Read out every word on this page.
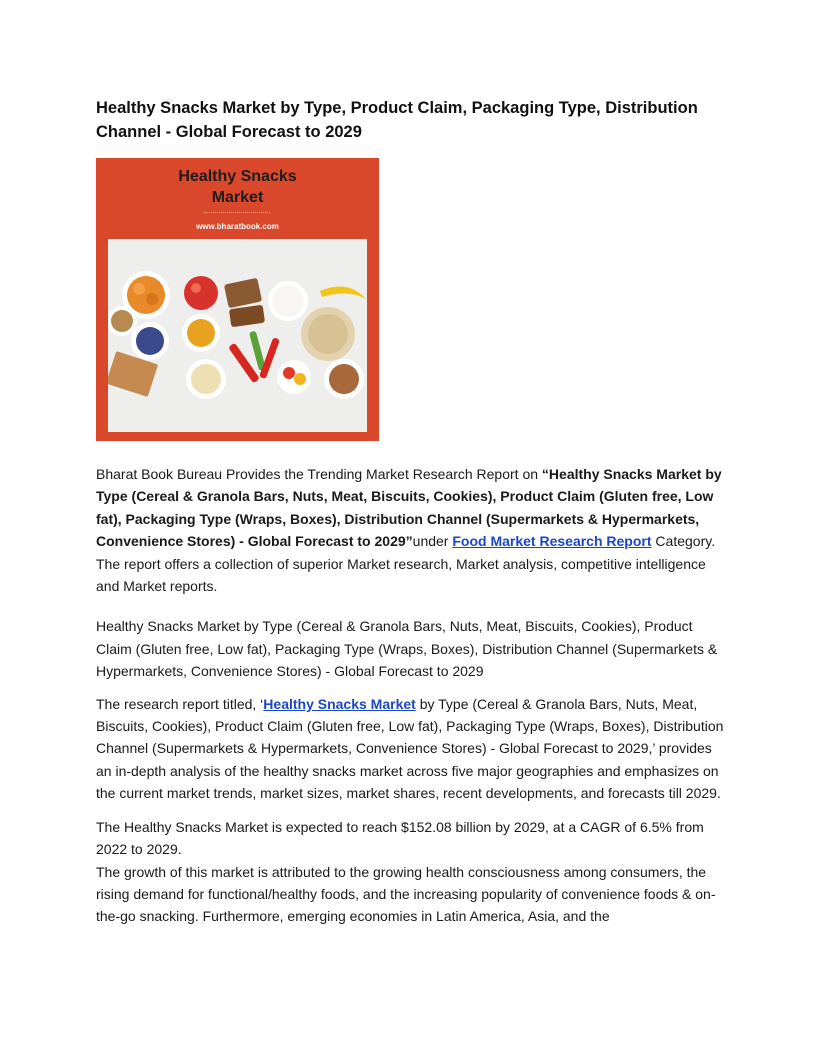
Healthy Snacks Market by Type, Product Claim, Packaging Type, Distribution Channel - Global Forecast to 2029
Healthy Snacks
Market
www.bharatbook.com

Bharat Book Bureau Provides the Trending Market Research Report on “Healthy Snacks Market by Type (Cereal & Granola Bars, Nuts, Meat, Biscuits, Cookies), Product Claim (Gluten free, Low fat), Packaging Type (Wraps, Boxes), Distribution Channel (Supermarkets & Hypermarkets, Convenience Stores) - Global Forecast to 2029”under Food Market Research Report Category. The report offers a collection of superior Market research, Market analysis, competitive intelligence and Market reports.

Healthy Snacks Market by Type (Cereal & Granola Bars, Nuts, Meat, Biscuits, Cookies), Product Claim (Gluten free, Low fat), Packaging Type (Wraps, Boxes), Distribution Channel (Supermarkets & Hypermarkets, Convenience Stores) - Global Forecast to 2029

The research report titled, ‘Healthy Snacks Market by Type (Cereal & Granola Bars, Nuts, Meat, Biscuits, Cookies), Product Claim (Gluten free, Low fat), Packaging Type (Wraps, Boxes), Distribution Channel (Supermarkets & Hypermarkets, Convenience Stores) - Global Forecast to 2029,’ provides an in-depth analysis of the healthy snacks market across five major geographies and emphasizes on the current market trends, market sizes, market shares, recent developments, and forecasts till 2029.

The Healthy Snacks Market is expected to reach $152.08 billion by 2029, at a CAGR of 6.5% from 2022 to 2029.
The growth of this market is attributed to the growing health consciousness among consumers, the rising demand for functional/healthy foods, and the increasing popularity of convenience foods & on-the-go snacking. Furthermore, emerging economies in Latin America, Asia, and the
